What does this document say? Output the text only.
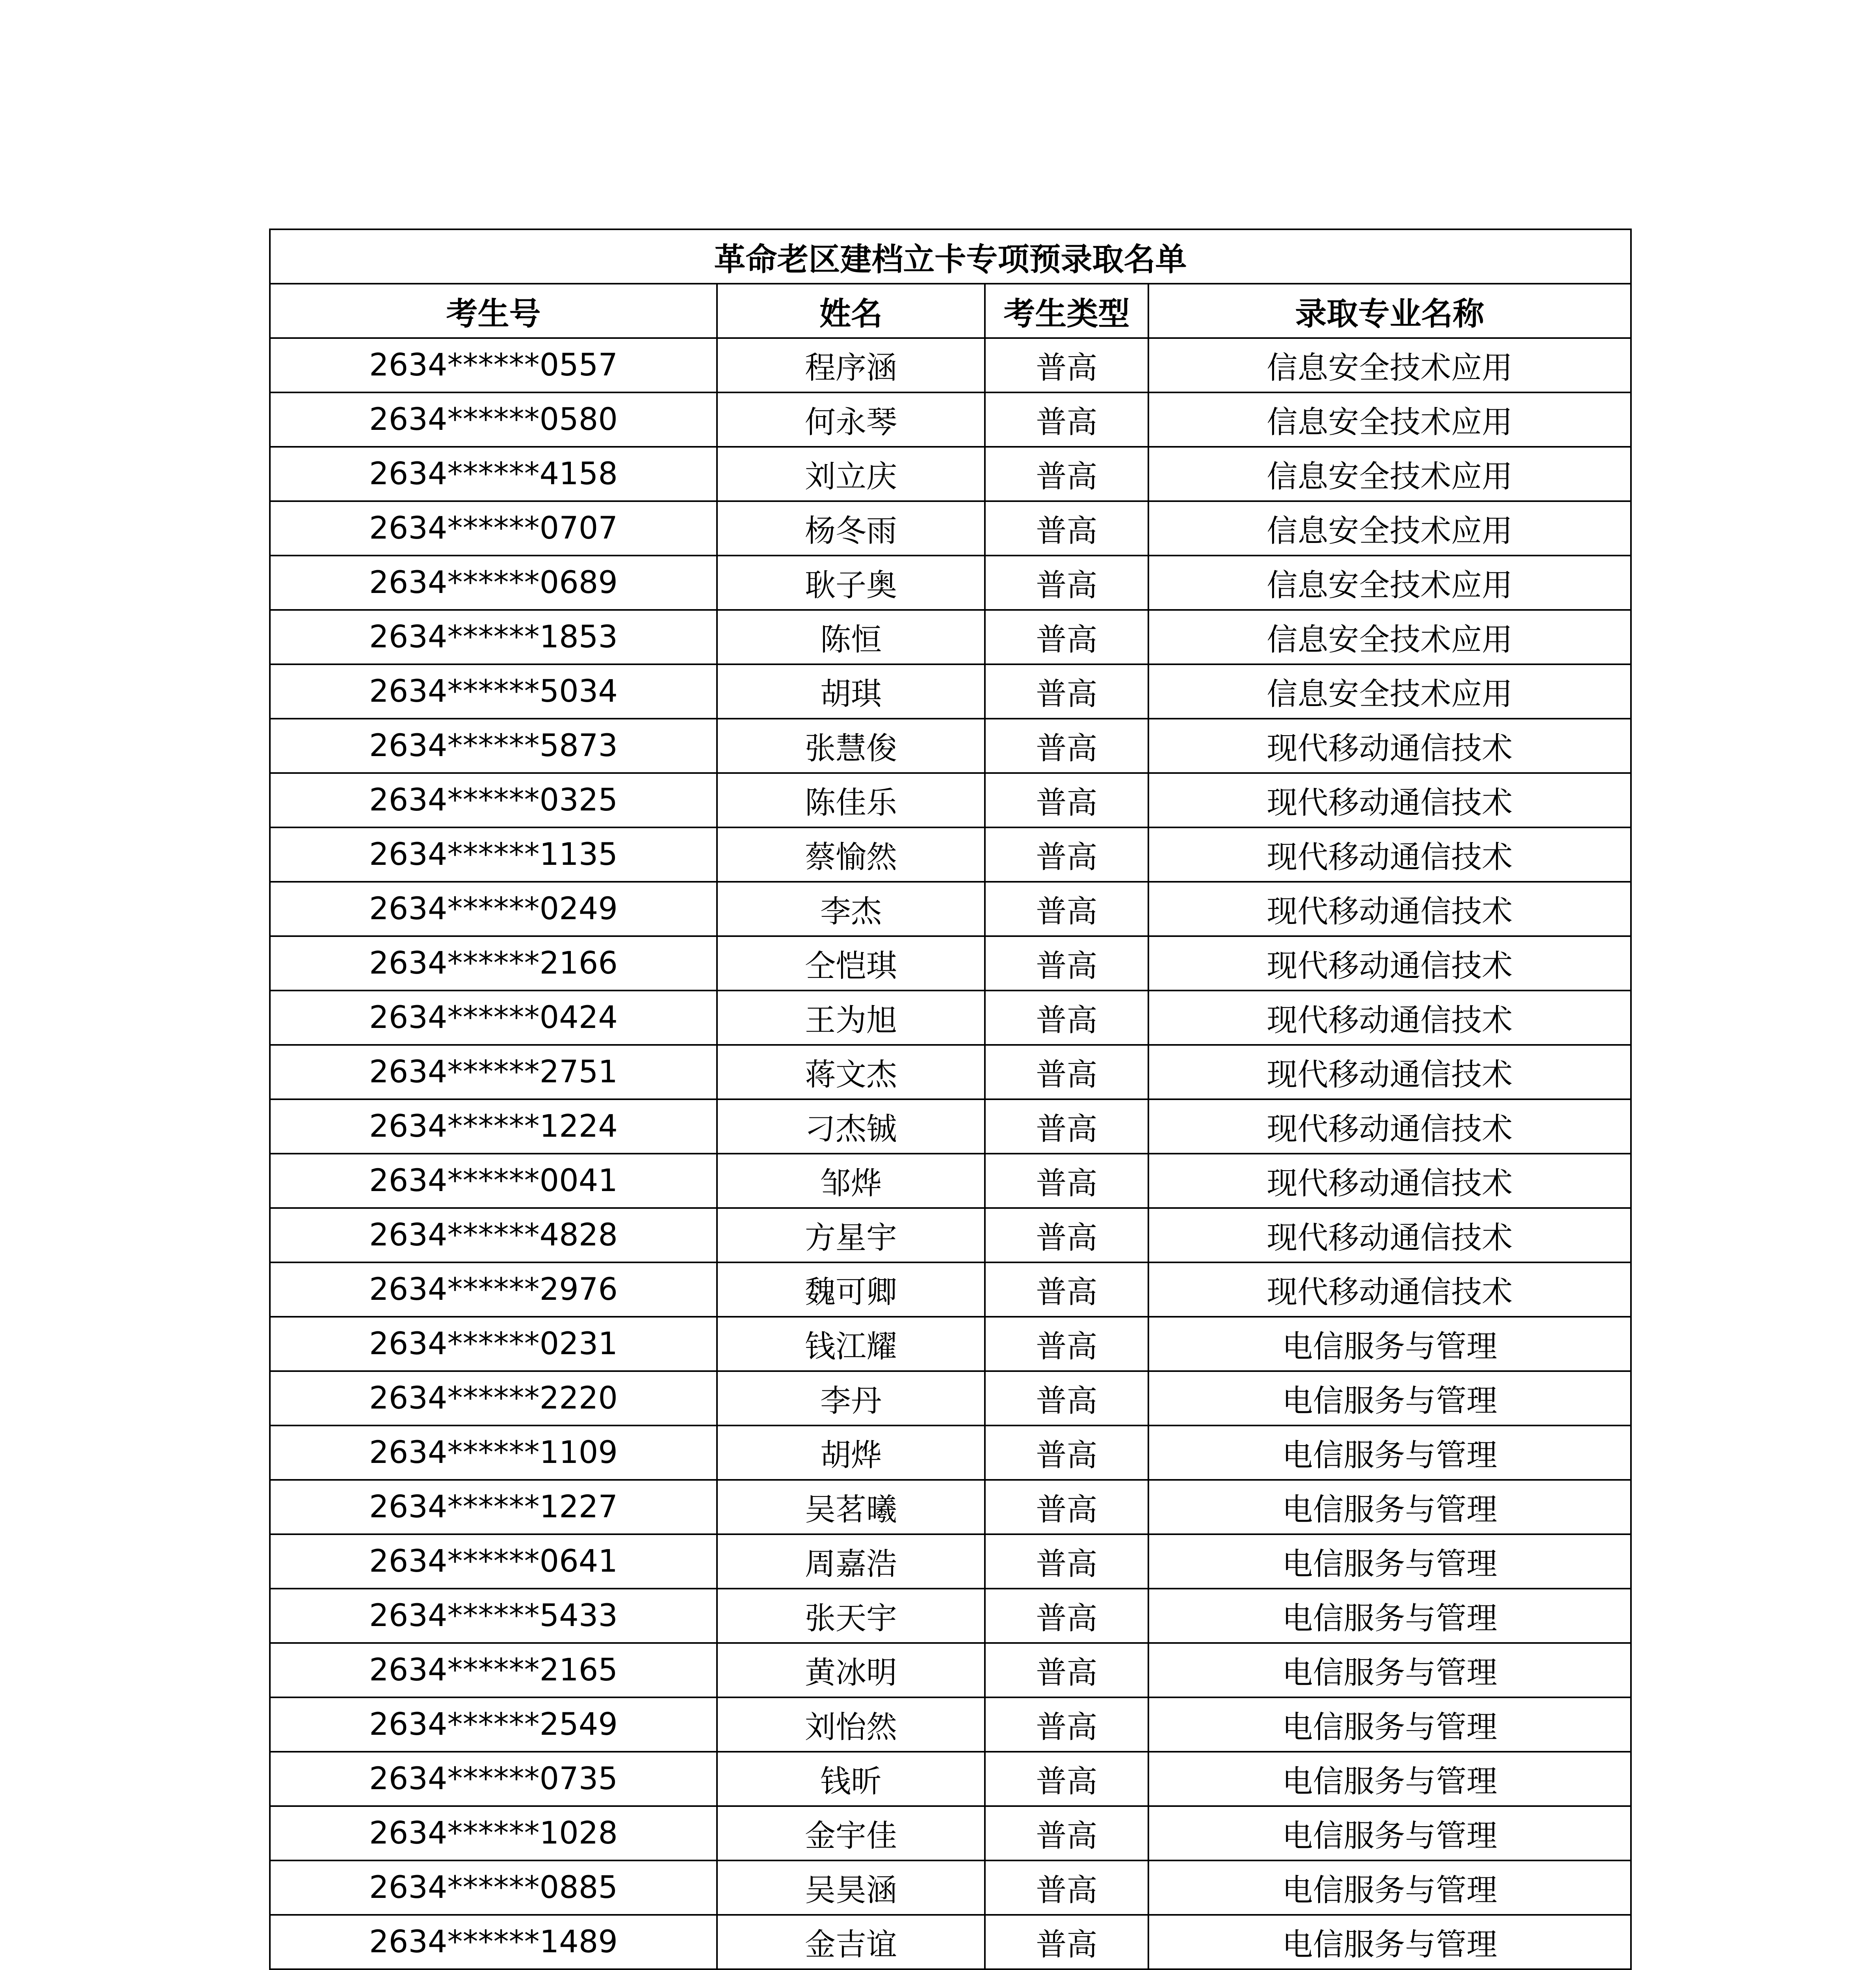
革命老区建档立卡专项预录取名单			
考生号	姓名	考生类型	录取专业名称
2634******0557	程序涵	普高	信息安全技术应用
2634******0580	何永琴	普高	信息安全技术应用
2634******4158	刘立庆	普高	信息安全技术应用
2634******0707	杨冬雨	普高	信息安全技术应用
2634******0689	耿子奥	普高	信息安全技术应用
2634******1853	陈恒	普高	信息安全技术应用
2634******5034	胡琪	普高	信息安全技术应用
2634******5873	张慧俊	普高	现代移动通信技术
2634******0325	陈佳乐	普高	现代移动通信技术
2634******1135	蔡愉然	普高	现代移动通信技术
2634******0249	李杰	普高	现代移动通信技术
2634******2166	仝恺琪	普高	现代移动通信技术
2634******0424	王为旭	普高	现代移动通信技术
2634******2751	蒋文杰	普高	现代移动通信技术
2634******1224	刁杰铖	普高	现代移动通信技术
2634******0041	邹烨	普高	现代移动通信技术
2634******4828	方星宇	普高	现代移动通信技术
2634******2976	魏可卿	普高	现代移动通信技术
2634******0231	钱江耀	普高	电信服务与管理
2634******2220	李丹	普高	电信服务与管理
2634******1109	胡烨	普高	电信服务与管理
2634******1227	吴茗曦	普高	电信服务与管理
2634******0641	周嘉浩	普高	电信服务与管理
2634******5433	张天宇	普高	电信服务与管理
2634******2165	黄冰明	普高	电信服务与管理
2634******2549	刘怡然	普高	电信服务与管理
2634******0735	钱昕	普高	电信服务与管理
2634******1028	金宇佳	普高	电信服务与管理
2634******0885	吴昊涵	普高	电信服务与管理
2634******1489	金吉谊	普高	电信服务与管理
